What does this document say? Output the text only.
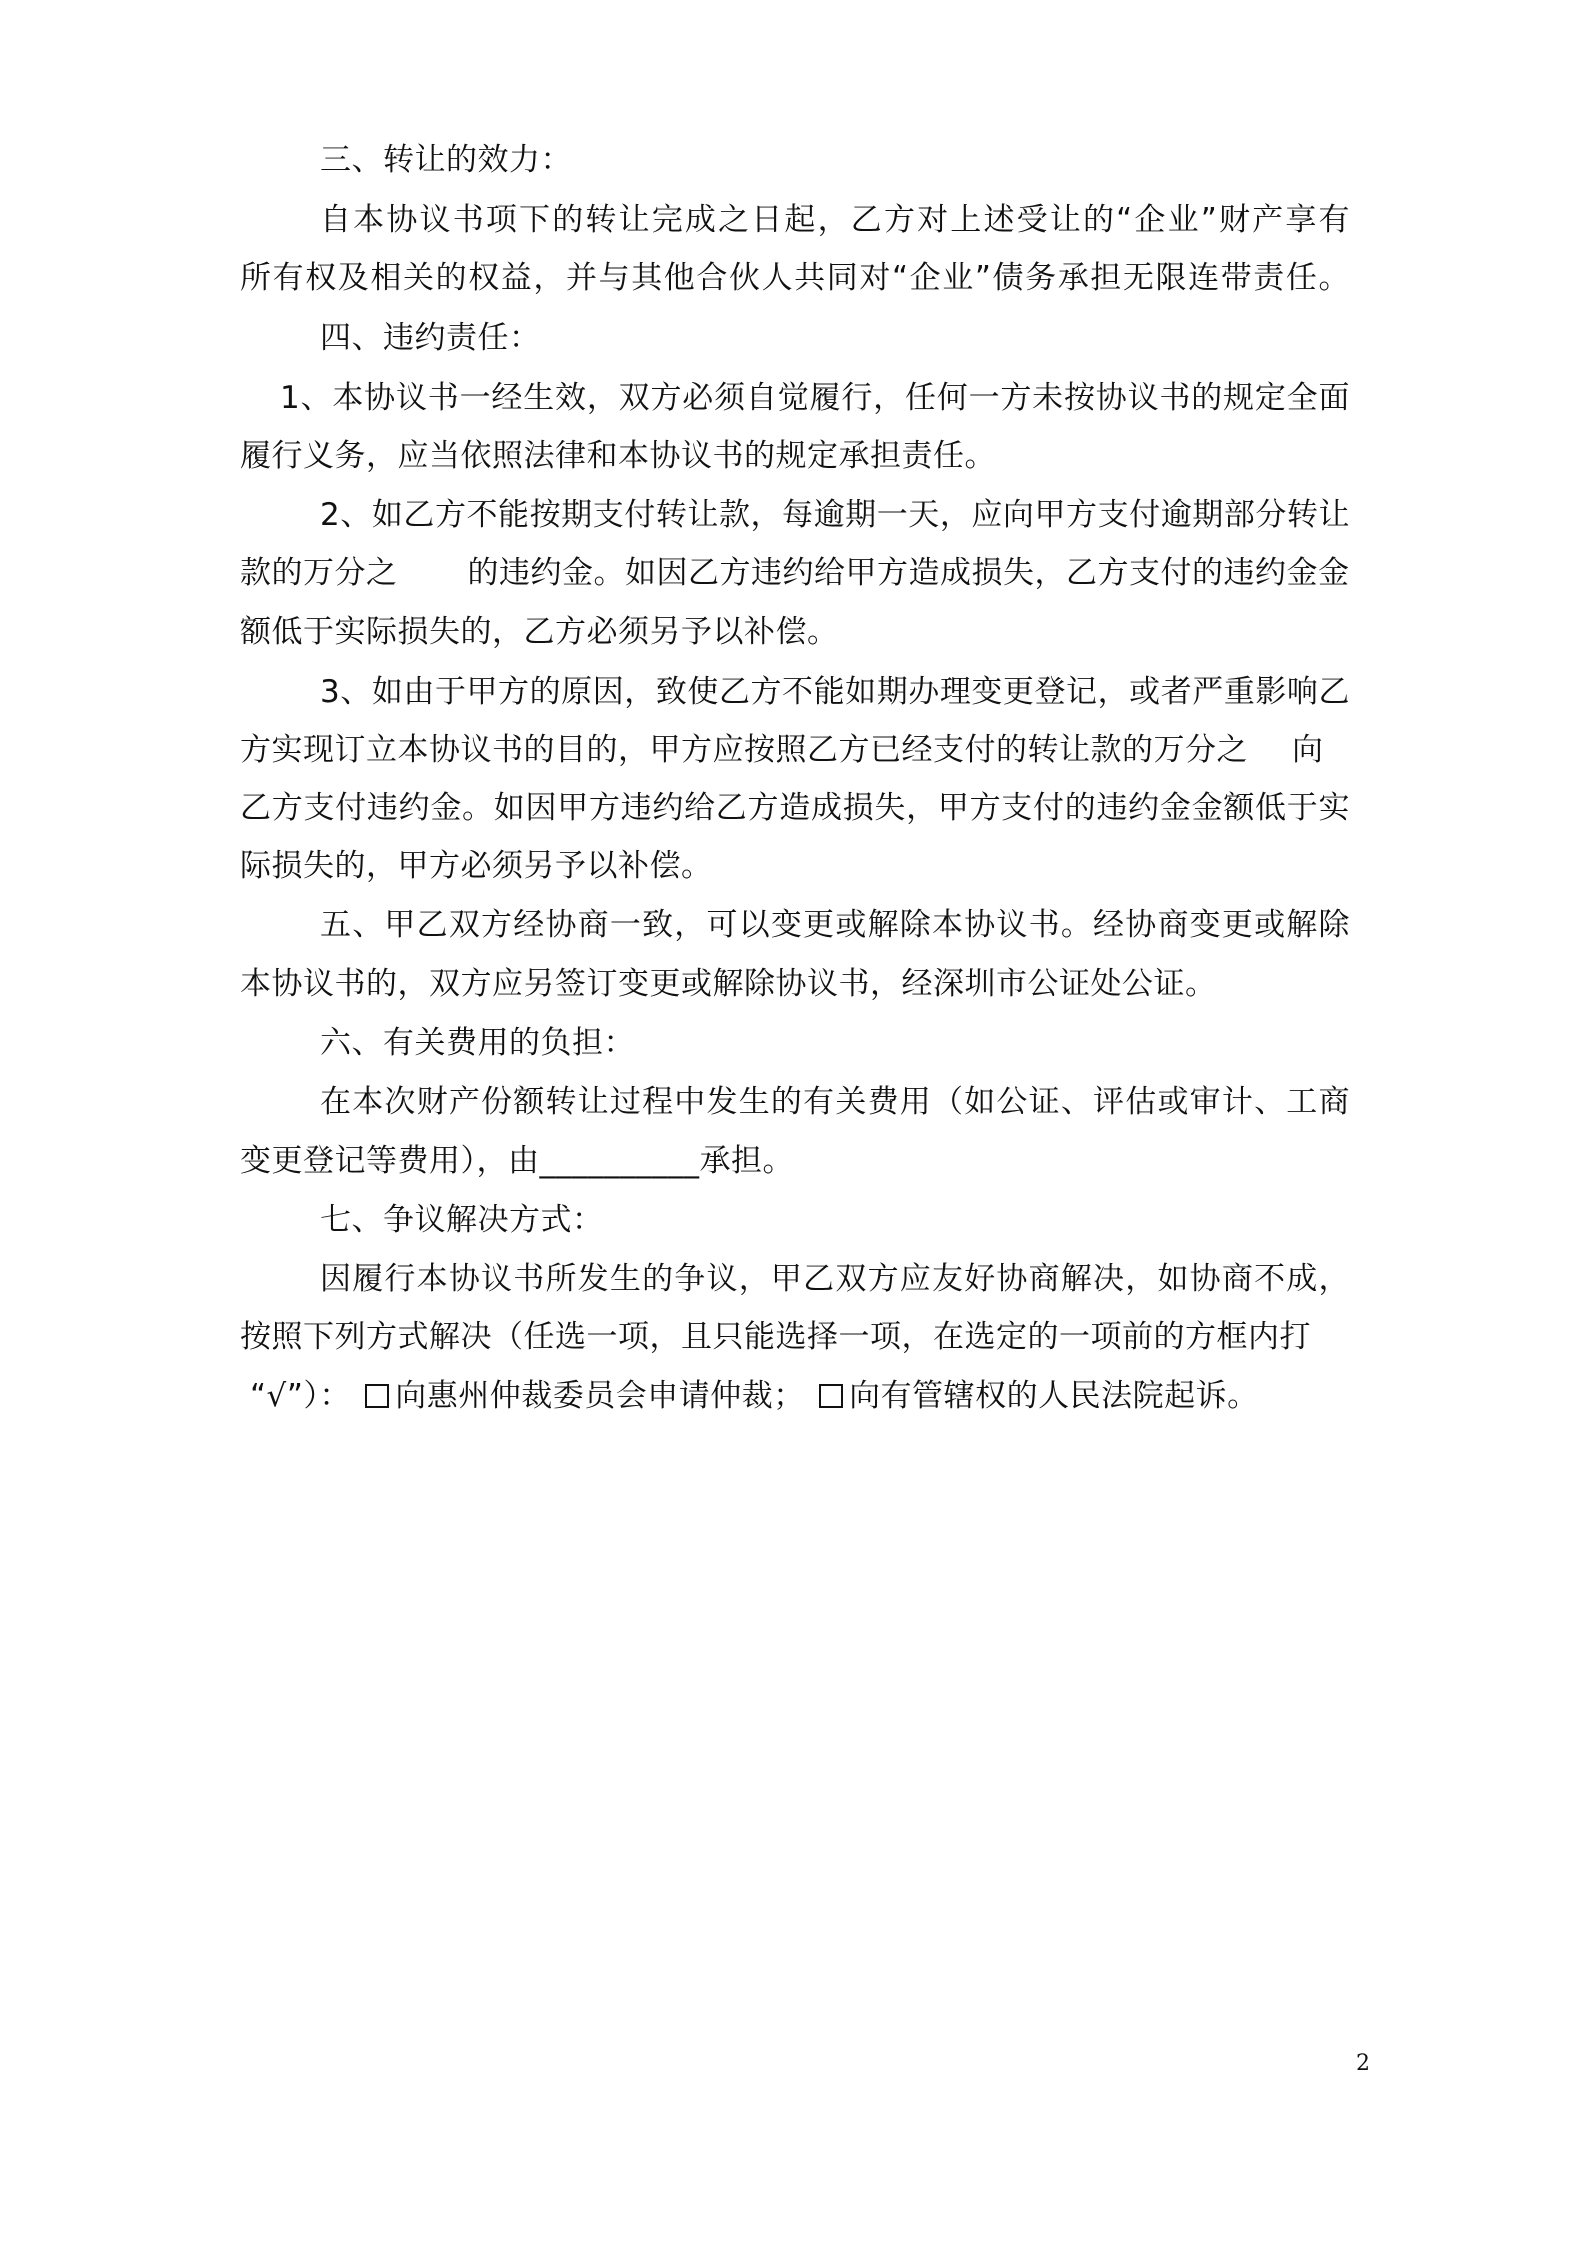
三、转让的效力：
自本协议书项下的转让完成之日起，乙方对上述受让的“企业”财产享有
所有权及相关的权益，并与其他合伙人共同对“企业”债务承担无限连带责任。
四、违约责任：
1、本协议书一经生效，双方必须自觉履行，任何一方未按协议书的规定全面
履行义务，应当依照法律和本协议书的规定承担责任。
2、如乙方不能按期支付转让款，每逾期一天，应向甲方支付逾期部分转让
款的万分之 的违约金。如因乙方违约给甲方造成损失，乙方支付的违约金金
额低于实际损失的，乙方必须另予以补偿。
3、如由于甲方的原因，致使乙方不能如期办理变更登记，或者严重影响乙
方实现订立本协议书的目的，甲方应按照乙方已经支付的转让款的万分之 向
乙方支付违约金。如因甲方违约给乙方造成损失，甲方支付的违约金金额低于实
际损失的，甲方必须另予以补偿。
五、甲乙双方经协商一致，可以变更或解除本协议书。经协商变更或解除
本协议书的，双方应另签订变更或解除协议书，经深圳市公证处公证。
六、有关费用的负担：
在本次财产份额转让过程中发生的有关费用（如公证、评估或审计、工商
变更登记等费用），由__________承担。
七、争议解决方式：
因履行本协议书所发生的争议，甲乙双方应友好协商解决，如协商不成，
按照下列方式解决（任选一项，且只能选择一项，在选定的一项前的方框内打
“√”）： 向惠州仲裁委员会申请仲裁； 向有管辖权的人民法院起诉。
2
